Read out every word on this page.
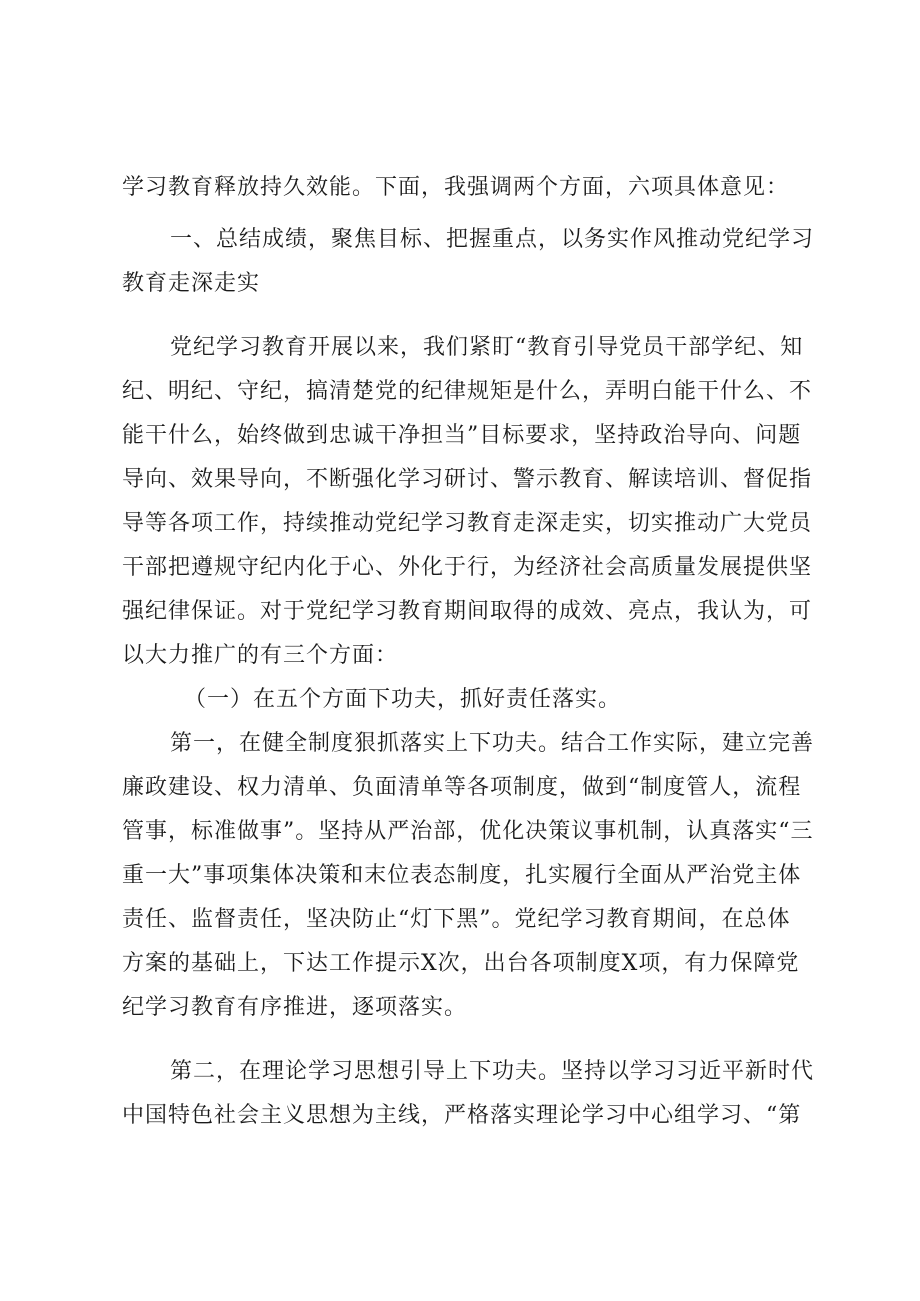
学习教育释放持久效能。下面，我强调两个方面，六项具体意见：
一、总结成绩，聚焦目标、把握重点，以务实作风推动党纪学习
教育走深走实
党纪学习教育开展以来，我们紧盯“教育引导党员干部学纪、知
纪、明纪、守纪，搞清楚党的纪律规矩是什么，弄明白能干什么、不
能干什么，始终做到忠诚干净担当”目标要求，坚持政治导向、问题
导向、效果导向，不断强化学习研讨、警示教育、解读培训、督促指
导等各项工作，持续推动党纪学习教育走深走实，切实推动广大党员
干部把遵规守纪内化于心、外化于行，为经济社会高质量发展提供坚
强纪律保证。对于党纪学习教育期间取得的成效、亮点，我认为，可
以大力推广的有三个方面：
（一）在五个方面下功夫，抓好责任落实。
第一，在健全制度狠抓落实上下功夫。结合工作实际，建立完善
廉政建设、权力清单、负面清单等各项制度，做到“制度管人，流程
管事，标准做事”。坚持从严治部，优化决策议事机制，认真落实“三
重一大”事项集体决策和末位表态制度，扎实履行全面从严治党主体
责任、监督责任，坚决防止“灯下黑”。党纪学习教育期间，在总体
方案的基础上，下达工作提示X次，出台各项制度X项，有力保障党
纪学习教育有序推进，逐项落实。
第二，在理论学习思想引导上下功夫。坚持以学习习近平新时代
中国特色社会主义思想为主线，严格落实理论学习中心组学习、“第
